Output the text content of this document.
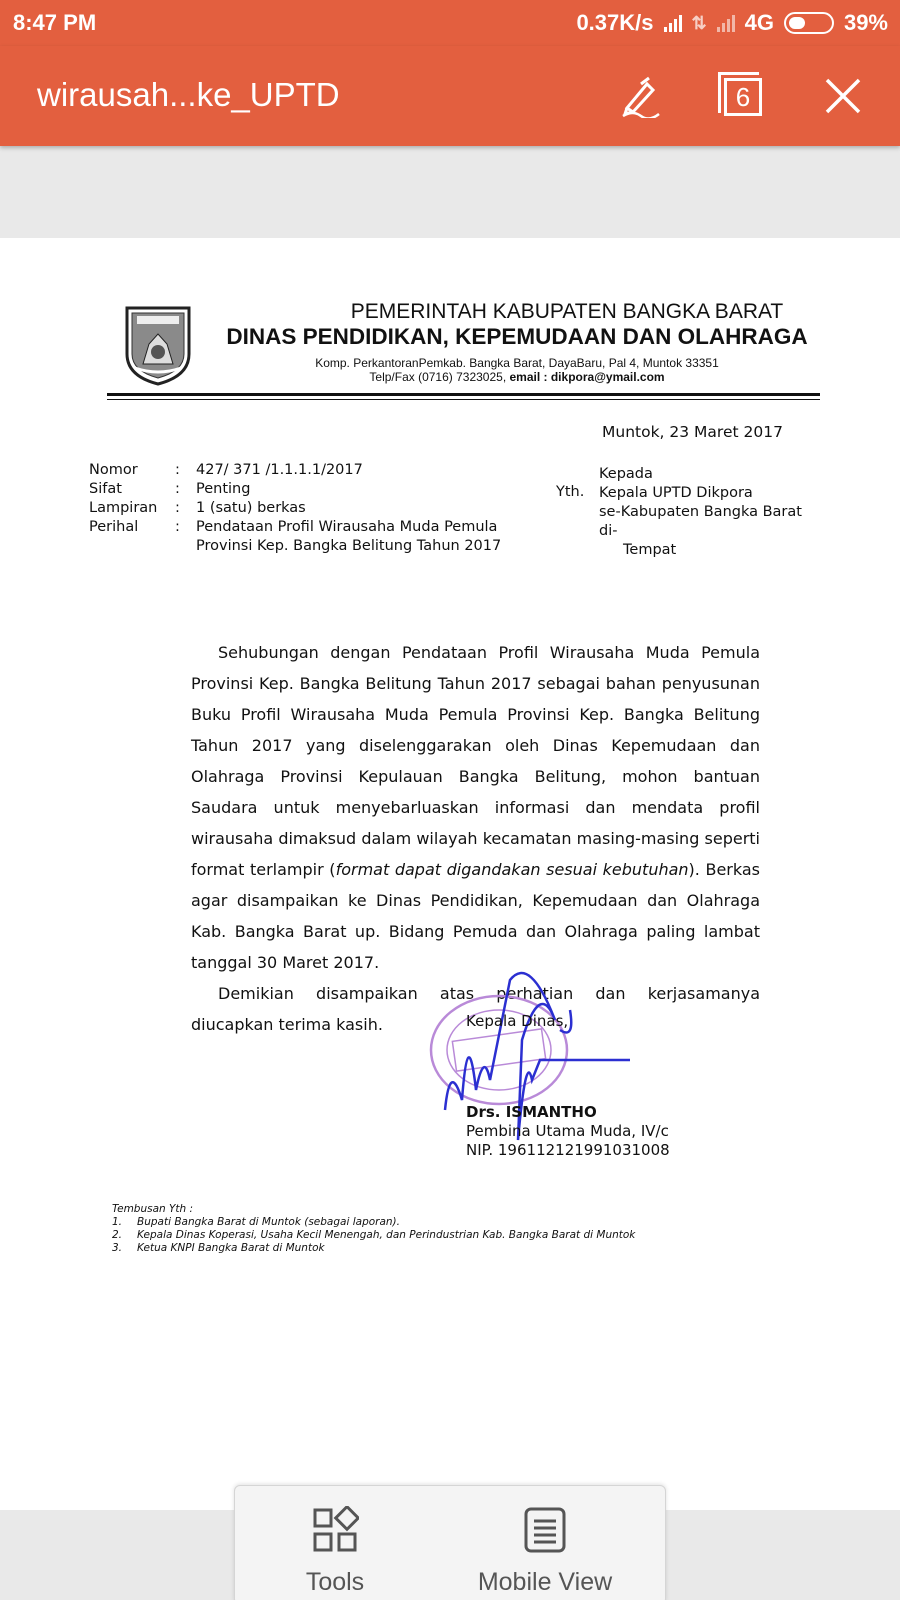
8:47 PM	0.37K/s ⇅ 4G	39%
wirausah...ke_UPTD	6
PEMERINTAH KABUPATEN BANGKA BARAT
DINAS PENDIDIKAN, KEPEMUDAAN DAN OLAHRAGA
Komp. PerkantoranPemkab. Bangka Barat, DayaBaru, Pal 4, Muntok 33351
Telp/Fax (0716) 7323025, email : dikpora@ymail.com
Muntok, 23 Maret 2017
Nomor	:	427/ 371 /1.1.1.1/2017
Sifat	:	Penting
Lampiran	:	1 (satu) berkas
Perihal	:	Pendataan Profil Wirausaha Muda Pemula Provinsi Kep. Bangka Belitung Tahun 2017
Yth.
Kepada
Kepala UPTD Dikpora
se-Kabupaten Bangka Barat
di-
Tempat

Sehubungan dengan Pendataan Profil Wirausaha Muda Pemula Provinsi Kep. Bangka Belitung Tahun 2017 sebagai bahan penyusunan Buku Profil Wirausaha Muda Pemula Provinsi Kep. Bangka Belitung Tahun 2017 yang diselenggarakan oleh Dinas Kepemudaan dan Olahraga Provinsi Kepulauan Bangka Belitung, mohon bantuan Saudara untuk menyebarluaskan informasi dan mendata profil wirausaha dimaksud dalam wilayah kecamatan masing-masing seperti format terlampir (format dapat digandakan sesuai kebutuhan). Berkas agar disampaikan ke Dinas Pendidikan, Kepemudaan dan Olahraga Kab. Bangka Barat up. Bidang Pemuda dan Olahraga paling lambat tanggal 30 Maret 2017.

Demikian disampaikan atas perhatian dan kerjasamanya diucapkan terima kasih.	Kepala Dinas,
Drs. ISMANTHO
Pembina Utama Muda, IV/c
NIP. 196112121991031008
Tembusan Yth :
1.	Bupati Bangka Barat di Muntok (sebagai laporan).
2.	Kepala Dinas Koperasi, Usaha Kecil Menengah, dan Perindustrian Kab. Bangka Barat di Muntok
3.	Ketua KNPI Bangka Barat di Muntok
Tools	Mobile View
